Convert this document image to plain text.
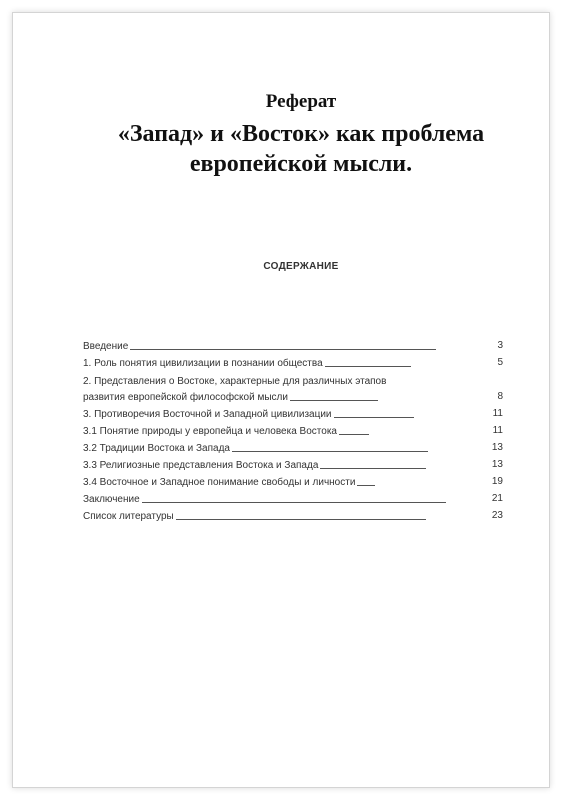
Реферат
«Запад» и «Восток» как проблема
европейской мысли.
СОДЕРЖАНИЕ
Введение	3
1. Роль понятия цивилизации в познании общества	5
2. Представления о Востоке, характерные для различных этапов
развития европейской философской мысли	8
3. Противоречия Восточной и Западной цивилизации	11
3.1 Понятие природы у европейца и человека Востока	11
3.2 Традиции Востока и Запада	13
3.3 Религиозные представления Востока и Запада	13
3.4 Восточное и Западное понимание свободы и личности	19
Заключение	21
Список литературы	23
